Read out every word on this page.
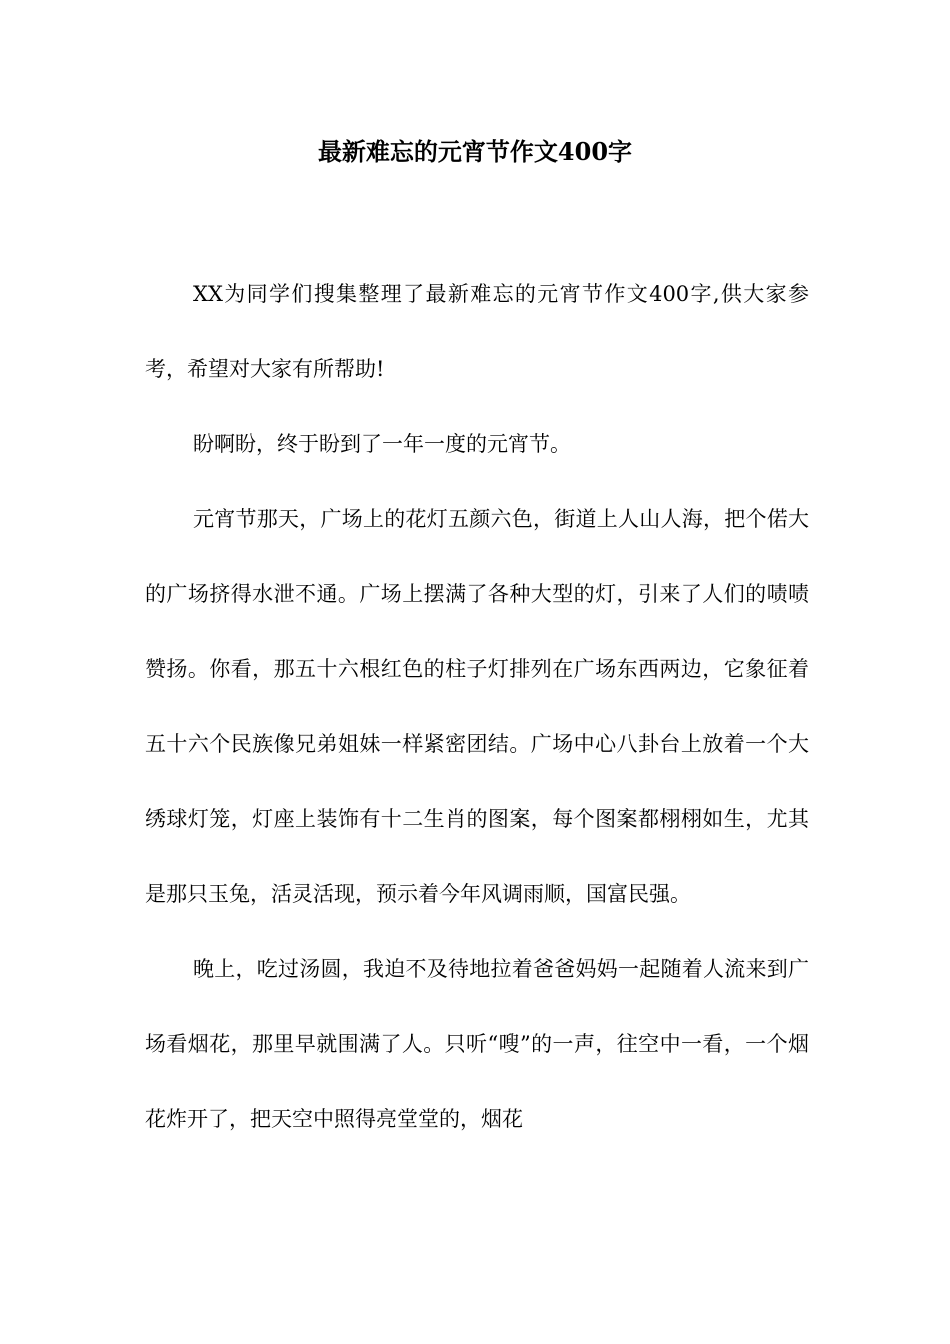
最新难忘的元宵节作文400字

XX为同学们搜集整理了最新难忘的元宵节作文400字,供大家参考，希望对大家有所帮助!

盼啊盼，终于盼到了一年一度的元宵节。

元宵节那天，广场上的花灯五颜六色，街道上人山人海，把个偌大的广场挤得水泄不通。广场上摆满了各种大型的灯，引来了人们的啧啧赞扬。你看，那五十六根红色的柱子灯排列在广场东西两边，它象征着五十六个民族像兄弟姐妹一样紧密团结。广场中心八卦台上放着一个大绣球灯笼，灯座上装饰有十二生肖的图案，每个图案都栩栩如生，尤其是那只玉兔，活灵活现，预示着今年风调雨顺，国富民强。

晚上，吃过汤圆，我迫不及待地拉着爸爸妈妈一起随着人流来到广场看烟花，那里早就围满了人。只听“嗖”的一声，往空中一看，一个烟花炸开了，把天空中照得亮堂堂的，烟花
